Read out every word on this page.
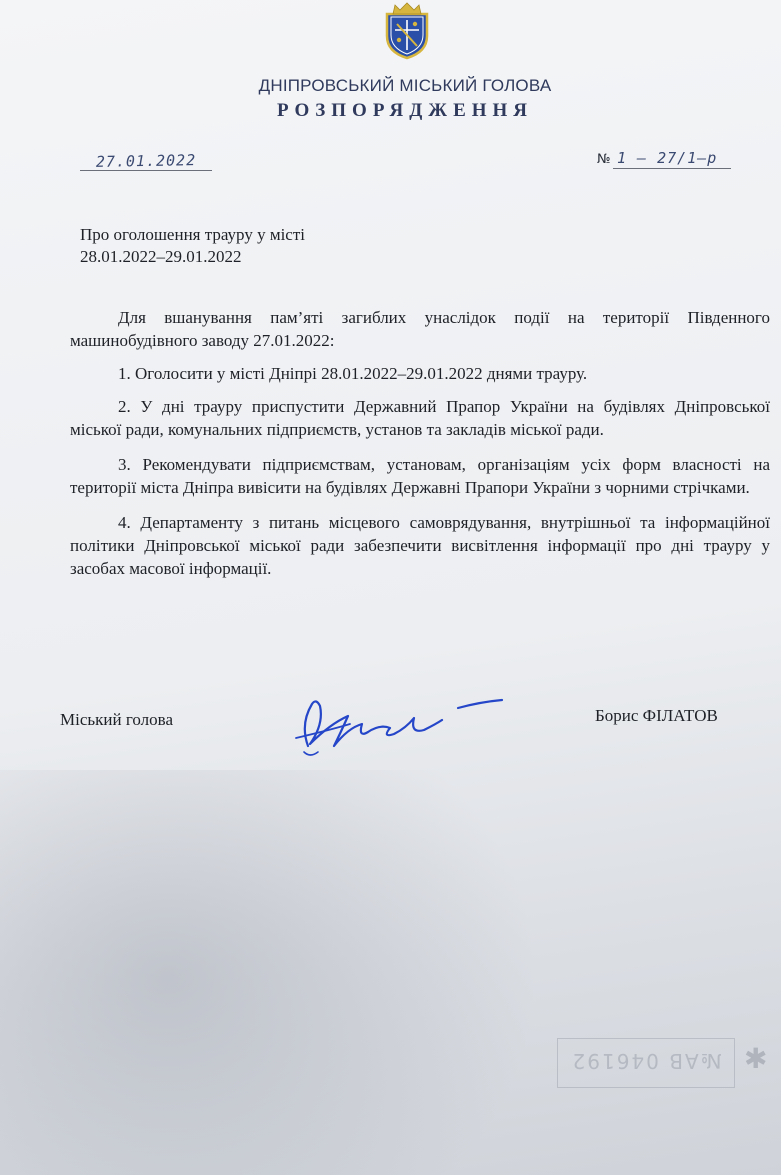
ДНІПРОВСЬКИЙ МІСЬКИЙ ГОЛОВА
РОЗПОРЯДЖЕННЯ
27.01.2022	№ 1 – 27/1–р
Про оголошення трауру у місті
28.01.2022–29.01.2022

Для вшанування пам’яті загиблих унаслідок події на території Південного машинобудівного заводу 27.01.2022:

1. Оголосити у місті Дніпрі 28.01.2022–29.01.2022 днями трауру.

2. У дні трауру приспустити Державний Прапор України на будівлях Дніпровської міської ради, комунальних підприємств, установ та закладів міської ради.

3. Рекомендувати підприємствам, установам, організаціям усіх форм власності на території міста Дніпра вивісити на будівлях Державні Прапори України з чорними стрічками.

4. Департаменту з питань місцевого самоврядування, внутрішньої та інформаційної політики Дніпровської міської ради забезпечити висвітлення інформації про дні трауру у засобах масової інформації.

Міський голова	Борис ФІЛАТОВ
№АВ 046192 ✱
